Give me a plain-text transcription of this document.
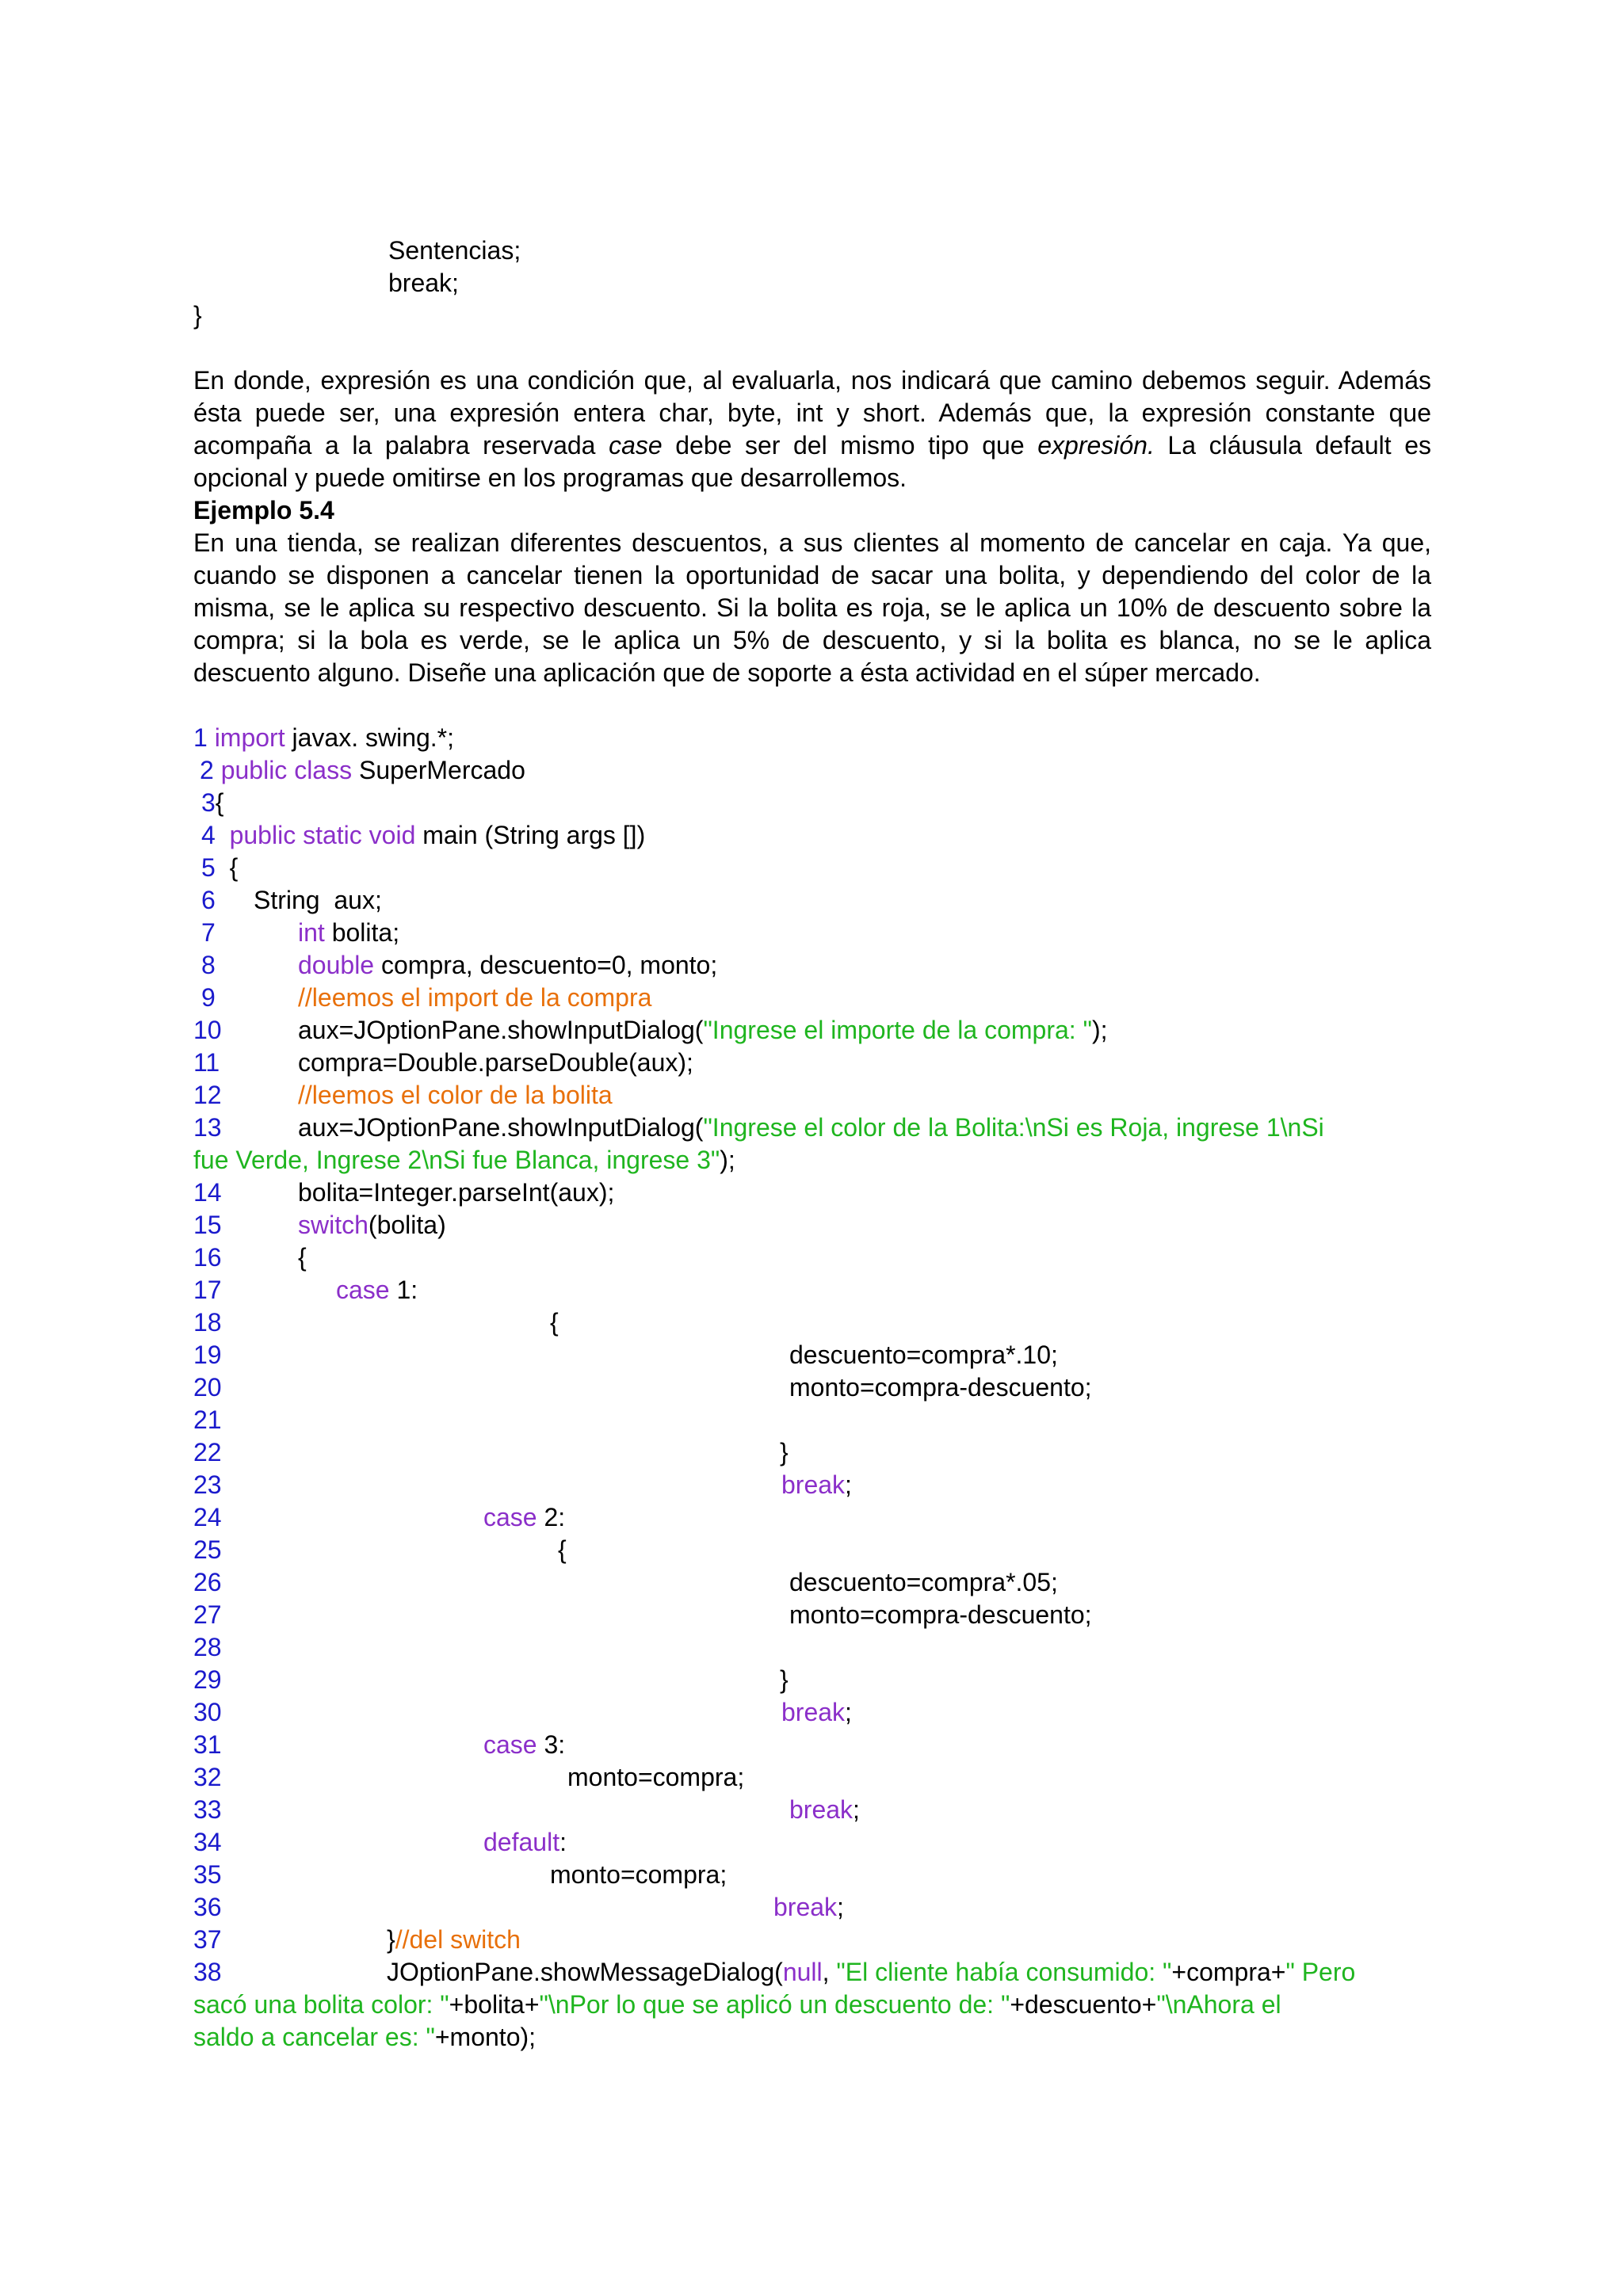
Sentencias;
break;
}
En donde, expresión es una condición que, al evaluarla, nos indicará que camino debemos seguir. Además ésta puede ser, una expresión entera char, byte, int y short. Además que, la expresión constante que acompaña a la palabra reservada case debe ser del mismo tipo que expresión. La cláusula default es opcional y puede omitirse en los programas que desarrollemos.
Ejemplo 5.4
En una tienda, se realizan diferentes descuentos, a sus clientes al momento de cancelar en caja. Ya que, cuando se disponen a cancelar tienen la oportunidad de sacar una bolita, y dependiendo del color de la misma, se le aplica su respectivo descuento. Si la bolita es roja, se le aplica un 10% de descuento sobre la compra; si la bola es verde, se le aplica un 5% de descuento, y si la bolita es blanca, no se le aplica descuento alguno. Diseñe una aplicación que de soporte a ésta actividad en el súper mercado.
1 import javax. swing.*;
2 public class SuperMercado
3{
4 public static void main (String args [])
5 {
6 String  aux;
7	int bolita;
8	double compra, descuento=0, monto;
9	//leemos el import de la compra
10	aux=JOptionPane.showInputDialog("Ingrese el importe de la compra: ");
11	compra=Double.parseDouble(aux);
12	//leemos el color de la bolita
13	aux=JOptionPane.showInputDialog("Ingrese el color de la Bolita:\nSi es Roja, ingrese 1\nSi
fue Verde, Ingrese 2\nSi fue Blanca, ingrese 3");
14	bolita=Integer.parseInt(aux);
15	switch(bolita)
16	{
17	case 1:
18	{
19	descuento=compra*.10;
20	monto=compra-descuento;
21
22	}
23	break;
24	case 2:
25	{
26	descuento=compra*.05;
27	monto=compra-descuento;
28
29	}
30	break;
31	case 3:
32	monto=compra;
33	break;
34	default:
35	monto=compra;
36	break;
37	}//del switch
38	JOptionPane.showMessageDialog(null, "El cliente había consumido: "+compra+" Pero
sacó una bolita color: "+bolita+"\nPor lo que se aplicó un descuento de: "+descuento+"\nAhora el
saldo a cancelar es: "+monto);
